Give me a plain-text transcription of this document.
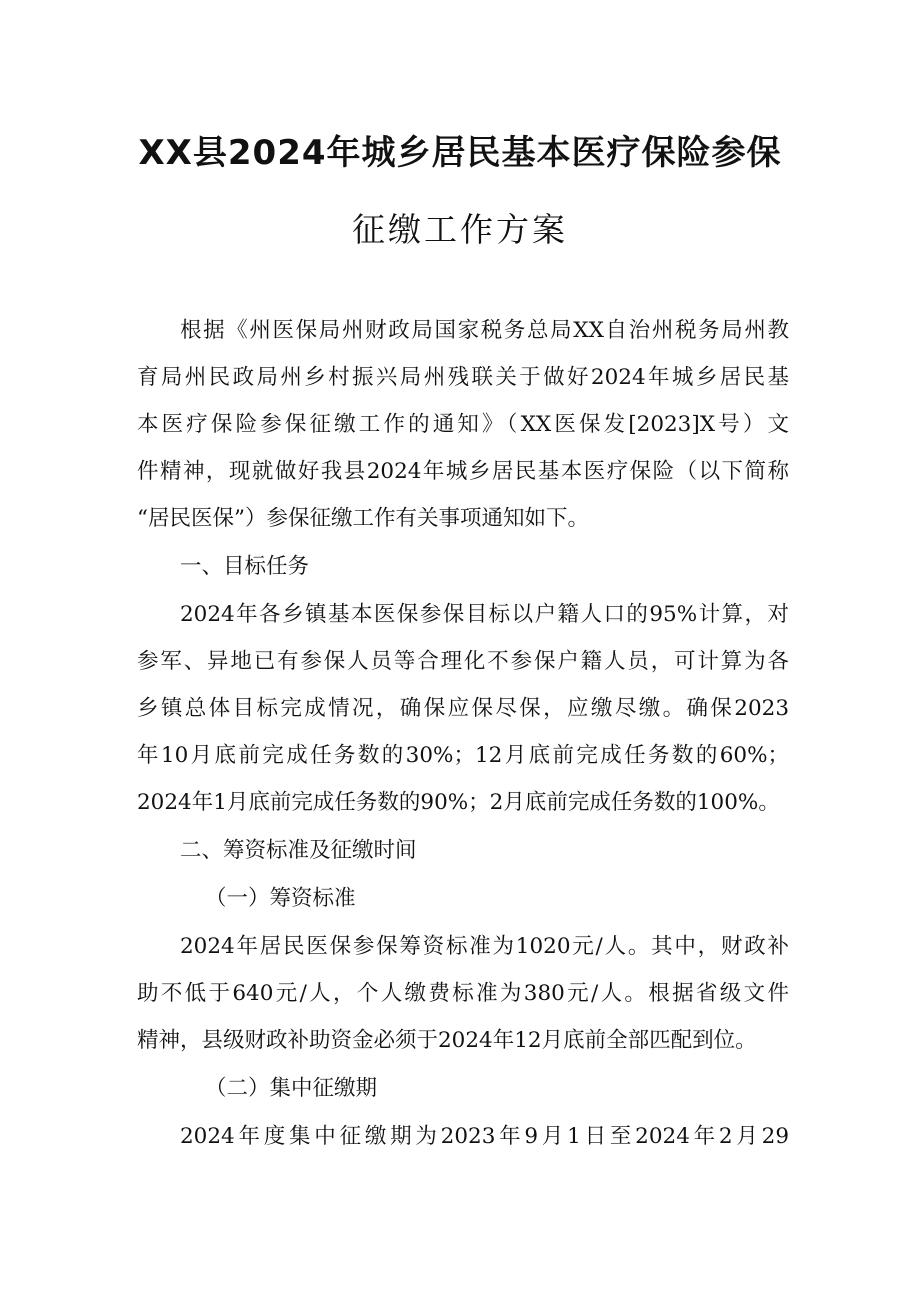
XX县2024年城乡居民基本医疗保险参保
征缴工作方案
根据《州医保局州财政局国家税务总局XX自治州税务局州教
育局州民政局州乡村振兴局州残联关于做好2024年城乡居民基
本医疗保险参保征缴工作的通知》（XX医保发[2023]X号）文
件精神，现就做好我县2024年城乡居民基本医疗保险（以下简称
“居民医保”）参保征缴工作有关事项通知如下。
一、目标任务
2024年各乡镇基本医保参保目标以户籍人口的95%计算，对
参军、异地已有参保人员等合理化不参保户籍人员，可计算为各
乡镇总体目标完成情况，确保应保尽保，应缴尽缴。确保2023
年10月底前完成任务数的30%；12月底前完成任务数的60%；
2024年1月底前完成任务数的90%；2月底前完成任务数的100%。
二、筹资标准及征缴时间
（一）筹资标准
2024年居民医保参保筹资标准为1020元/人。其中，财政补
助不低于640元/人，个人缴费标准为380元/人。根据省级文件
精神，县级财政补助资金必须于2024年12月底前全部匹配到位。
（二）集中征缴期
2024年度集中征缴期为2023年9月1日至2024年2月29
